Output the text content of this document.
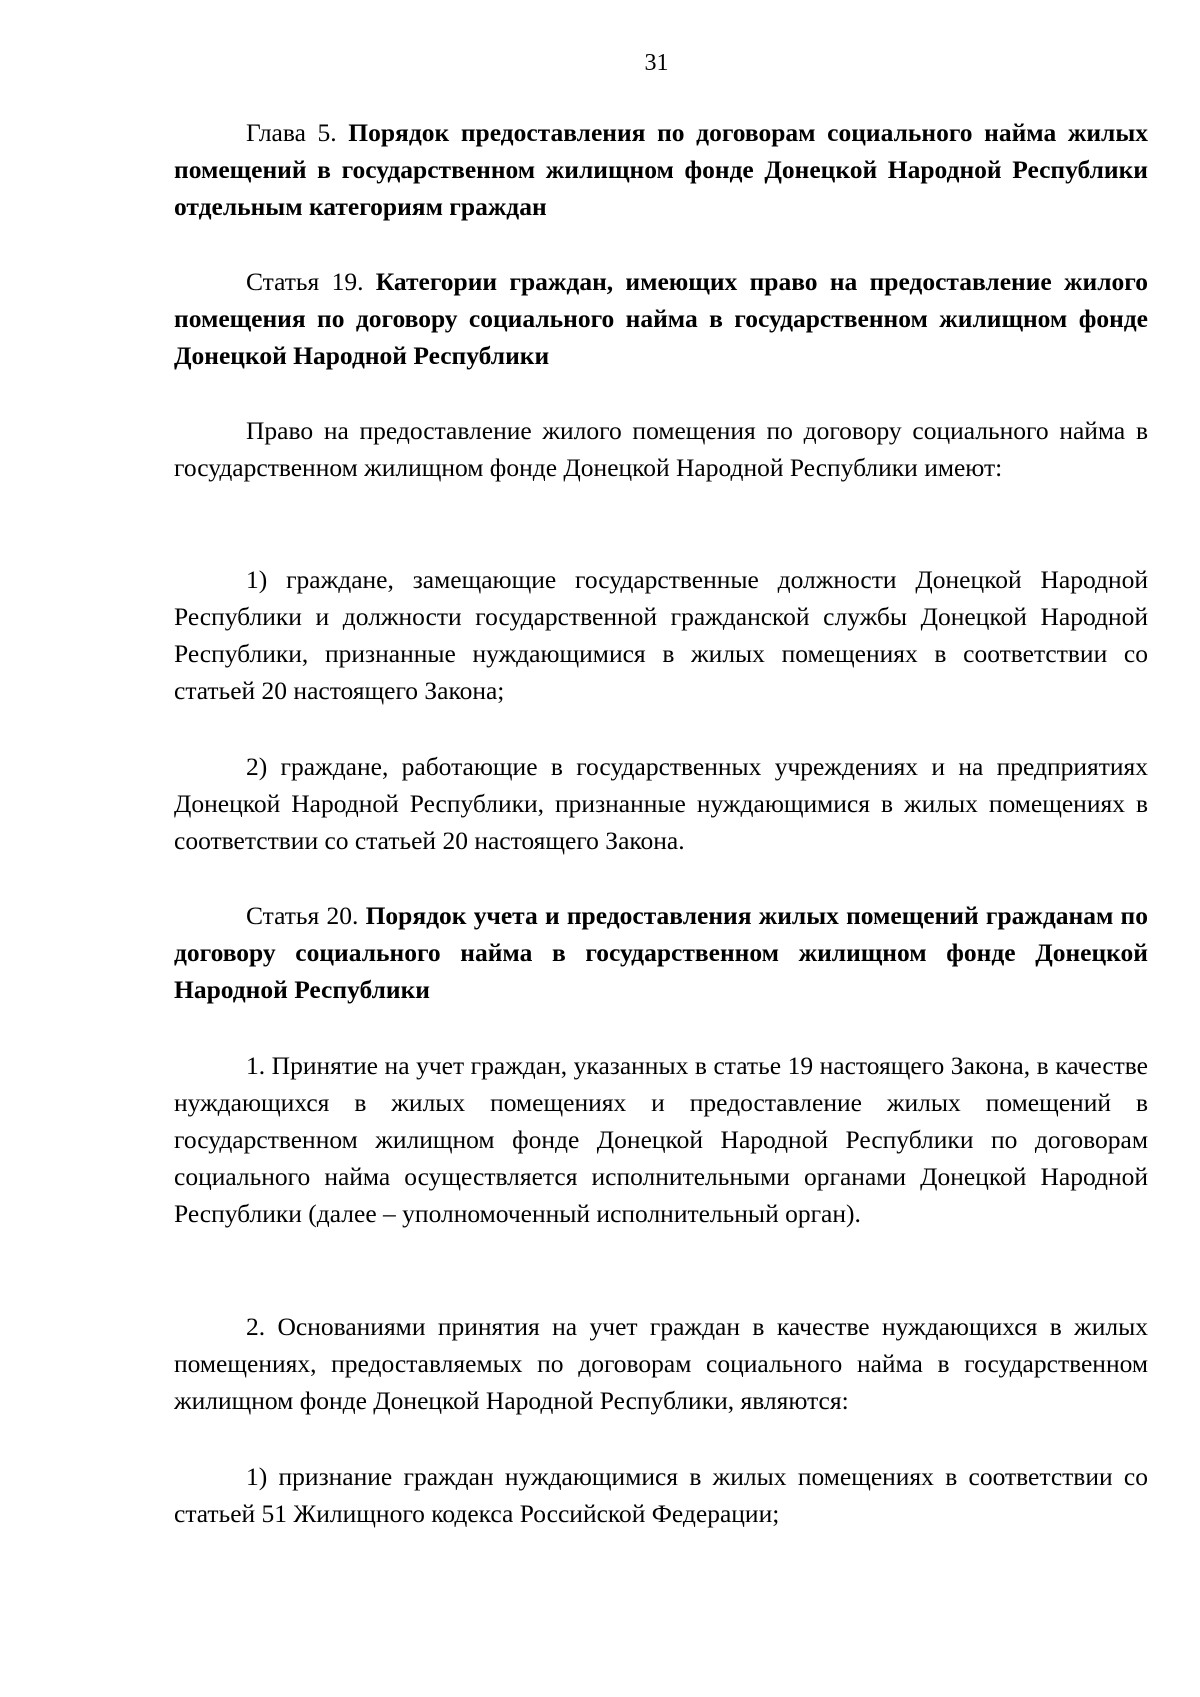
31

Глава 5. Порядок предоставления по договорам социального найма жилых помещений в государственном жилищном фонде Донецкой Народной Республики отдельным категориям граждан

Статья 19. Категории граждан, имеющих право на предоставление жилого помещения по договору социального найма в государственном жилищном фонде Донецкой Народной Республики

Право на предоставление жилого помещения по договору социального найма в государственном жилищном фонде Донецкой Народной Республики имеют:

1) граждане, замещающие государственные должности Донецкой Народной Республики и должности государственной гражданской службы Донецкой Народной Республики, признанные нуждающимися в жилых помещениях в соответствии со статьей 20 настоящего Закона;

2) граждане, работающие в государственных учреждениях и на предприятиях Донецкой Народной Республики, признанные нуждающимися в жилых помещениях в соответствии со статьей 20 настоящего Закона.

Статья 20. Порядок учета и предоставления жилых помещений гражданам по договору социального найма в государственном жилищном фонде Донецкой Народной Республики

1. Принятие на учет граждан, указанных в статье 19 настоящего Закона, в качестве нуждающихся в жилых помещениях и предоставление жилых помещений в государственном жилищном фонде Донецкой Народной Республики по договорам социального найма осуществляется исполнительными органами Донецкой Народной Республики (далее – уполномоченный исполнительный орган).

2. Основаниями принятия на учет граждан в качестве нуждающихся в жилых помещениях, предоставляемых по договорам социального найма в государственном жилищном фонде Донецкой Народной Республики, являются:

1) признание граждан нуждающимися в жилых помещениях в соответствии со статьей 51 Жилищного кодекса Российской Федерации;
